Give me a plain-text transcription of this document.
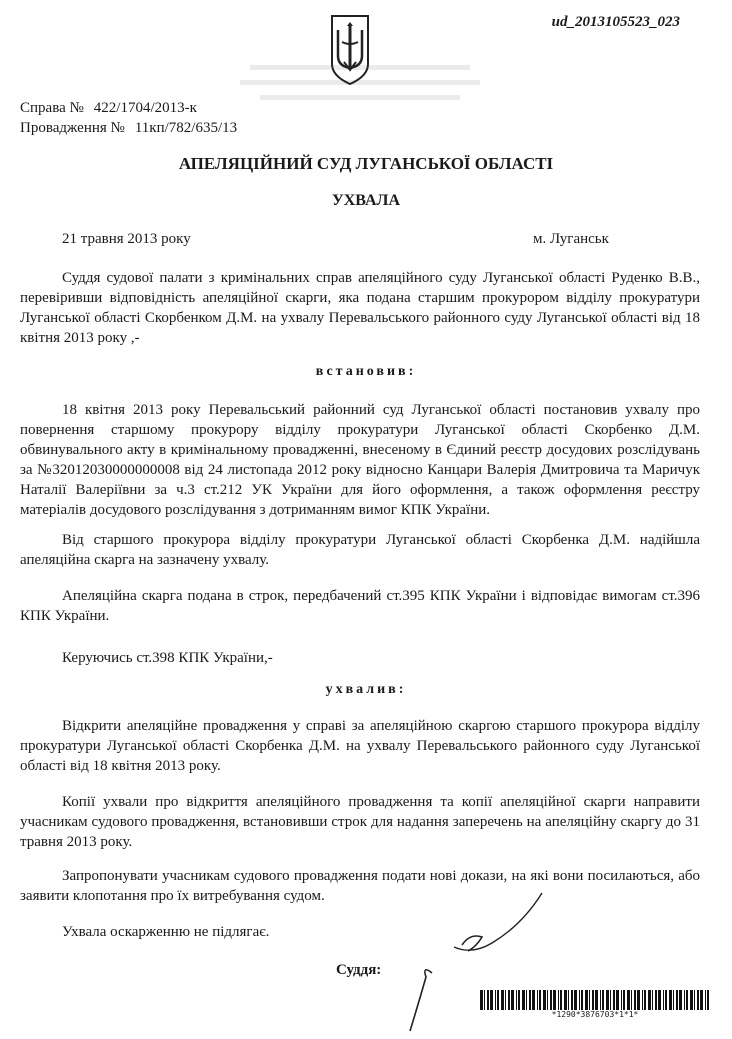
ud_2013105523_023
Справа № 422/1704/2013-к
Провадження № 11кп/782/635/13
АПЕЛЯЦІЙНИЙ СУД ЛУГАНСЬКОЇ ОБЛАСТІ
УХВАЛА
21 травня 2013 року	м. Луганськ
Суддя судової палати з кримінальних справ апеляційного суду Луганської області Руденко В.В., перевіривши відповідність апеляційної скарги, яка подана старшим прокурором відділу прокуратури Луганської області Скорбенком Д.М. на ухвалу Перевальського районного суду Луганської області від 18 квітня 2013 року ,-
встановив:
18 квітня 2013 року Перевальський районний суд Луганської області постановив ухвалу про повернення старшому прокурору відділу прокуратури Луганської області Скорбенко Д.М. обвинувального акту в кримінальному провадженні, внесеному в Єдиний реєстр досудових розслідувань за №32012030000000008 від 24 листопада 2012 року відносно Канцари Валерія Дмитровича та Маричук Наталії Валеріївни за ч.3 ст.212 УК України для його оформлення, а також оформлення реєстру матеріалів досудового розслідування з дотриманням вимог КПК України.
Від старшого прокурора відділу прокуратури Луганської області Скорбенка Д.М. надійшла апеляційна скарга на зазначену ухвалу.
Апеляційна скарга подана в строк, передбачений ст.395 КПК України і відповідає вимогам ст.396 КПК України.
Керуючись ст.398 КПК України,-
ухвалив:
Відкрити апеляційне провадження у справі за апеляційною скаргою старшого прокурора відділу прокуратури Луганської області Скорбенка Д.М. на ухвалу Перевальського районного суду Луганської області від 18 квітня 2013 року.
Копії ухвали про відкриття апеляційного провадження та копії апеляційної скарги направити учасникам судового провадження, встановивши строк для надання заперечень на апеляційну скаргу до 31 травня 2013 року.
Запропонувати учасникам судового провадження подати нові докази, на які вони посилаються, або заявити клопотання про їх витребування судом.
Ухвала оскарженню не підлягає.
Суддя:
*1290*3876703*1*1*
